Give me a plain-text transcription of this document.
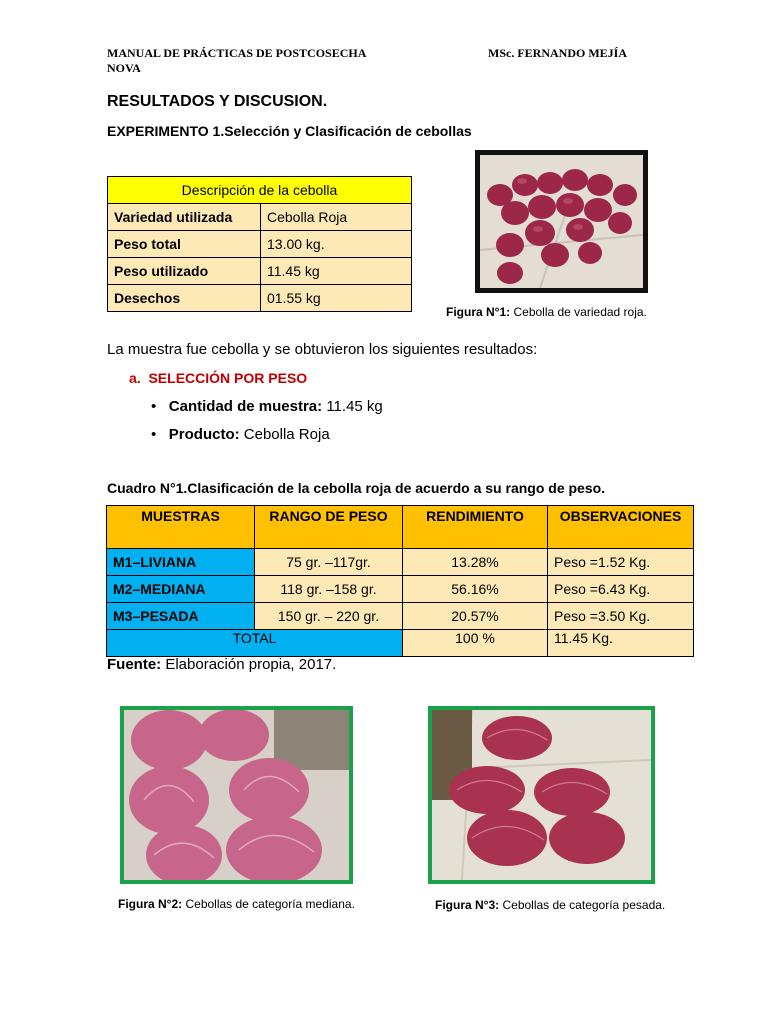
MANUAL DE PRÁCTICAS DE POSTCOSECHA
NOVA
MSc. FERNANDO MEJÍA
RESULTADOS Y DISCUSION.
EXPERIMENTO 1.Selección y Clasificación de cebollas
Descripción de la cebolla	
Variedad utilizada	Cebolla Roja
Peso total	13.00 kg.
Peso utilizado	11.45 kg
Desechos	01.55 kg
Figura N°1: Cebolla de variedad roja.
La muestra fue cebolla y se obtuvieron los siguientes resultados:
a. SELECCIÓN POR PESO
• Cantidad de muestra: 11.45 kg
• Producto: Cebolla Roja
Cuadro N°1.Clasificación de la cebolla roja de acuerdo a su rango de peso.
MUESTRAS	RANGO DE PESO	RENDIMIENTO	OBSERVACIONES
M1–LIVIANA	75 gr. –117gr.	13.28%	Peso =1.52 Kg.
M2–MEDIANA	118 gr. –158 gr.	56.16%	Peso =6.43 Kg.
M3–PESADA	150 gr. – 220 gr.	20.57%	Peso =3.50 Kg.
TOTAL		100 %	11.45 Kg.
Fuente: Elaboración propia, 2017.
Figura N°2: Cebollas de categoría mediana.	Figura N°3: Cebollas de categoría pesada.
